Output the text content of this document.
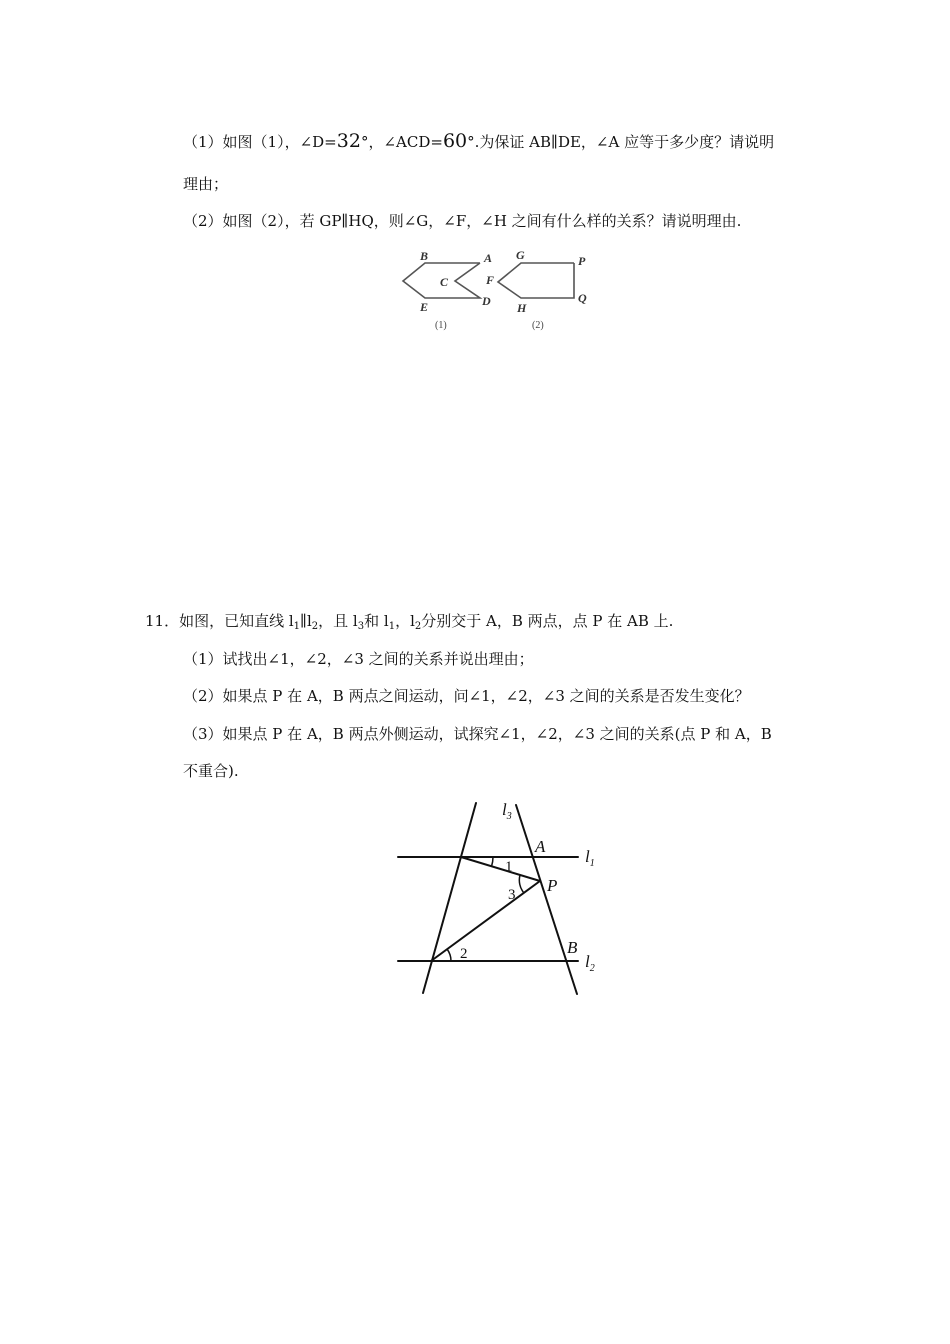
（1）如图（1），∠D=32°，∠ACD=60°.为保证 AB∥DE，∠A 应等于多少度？请说明
理由；
（2）如图（2），若 GP∥HQ，则∠G，∠F，∠H 之间有什么样的关系？请说明理由.
B	A
C
E	D
(1)
G	P
F
H
Q
(2)
11．如图，已知直线 $l_1\parallel l_2$，且 $l_3$和 $l_1$，$l_2$分别交于 A，B 两点，点 P 在 AB 上.
（1）试找出∠1，∠2，∠3 之间的关系并说出理由；
（2）如果点 P 在 A，B 两点之间运动，问∠1，∠2，∠3 之间的关系是否发生变化？
（3）如果点 P 在 A，B 两点外侧运动，试探究∠1，∠2，∠3 之间的关系(点 P 和 A，B
不重合).
$l_3$
A
$l_1$
1
3 P
2	B
$l_2$
